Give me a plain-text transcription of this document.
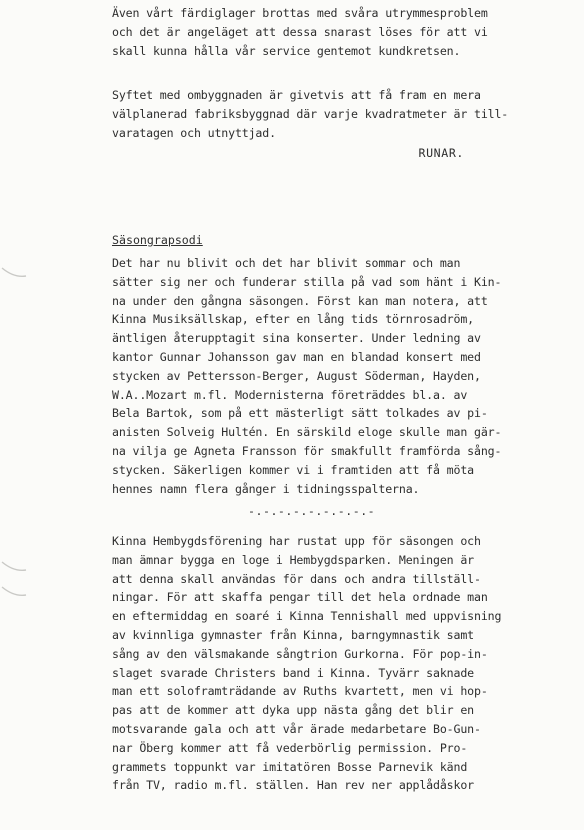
Även vårt färdiglager brottas med svåra utrymmesproblem
och det är angeläget att dessa snarast löses för att vi
skall kunna hålla vår service gentemot kundkretsen.
Syftet med ombyggnaden är givetvis att få fram en mera
välplanerad fabriksbyggnad där varje kvadratmeter är till-
varatagen och utnyttjad.
RUNAR.
Säsongrapsodi
Det har nu blivit och det har blivit sommar och man
sätter sig ner och funderar stilla på vad som hänt i Kin-
na under den gångna säsongen. Först kan man notera, att
Kinna Musiksällskap, efter en lång tids törnrosadröm,
äntligen återupptagit sina konserter. Under ledning av
kantor Gunnar Johansson gav man en blandad konsert med
stycken av Pettersson-Berger, August Söderman, Hayden,
W.A..Mozart m.fl. Modernisterna företräddes bl.a. av
Bela Bartok, som på ett mästerligt sätt tolkades av pi-
anisten Solveig Hultén. En särskild eloge skulle man gär-
na vilja ge Agneta Fransson för smakfullt framförda sång-
stycken. Säkerligen kommer vi i framtiden att få möta
hennes namn flera gånger i tidningsspalterna.
-.-.-.-.-.-.-.-.-
Kinna Hembygdsförening har rustat upp för säsongen och
man ämnar bygga en loge i Hembygdsparken. Meningen är
att denna skall användas för dans och andra tillställ-
ningar. För att skaffa pengar till det hela ordnade man
en eftermiddag en soaré i Kinna Tennishall med uppvisning
av kvinnliga gymnaster från Kinna, barngymnastik samt
sång av den välsmakande sångtrion Gurkorna. För pop-in-
slaget svarade Christers band i Kinna. Tyvärr saknade
man ett soloframträdande av Ruths kvartett, men vi hop-
pas att de kommer att dyka upp nästa gång det blir en
motsvarande gala och att vår ärade medarbetare Bo-Gun-
nar Öberg kommer att få vederbörlig permission. Pro-
grammets toppunkt var imitatören Bosse Parnevik känd
från TV, radio m.fl. ställen. Han rev ner applådåskor
